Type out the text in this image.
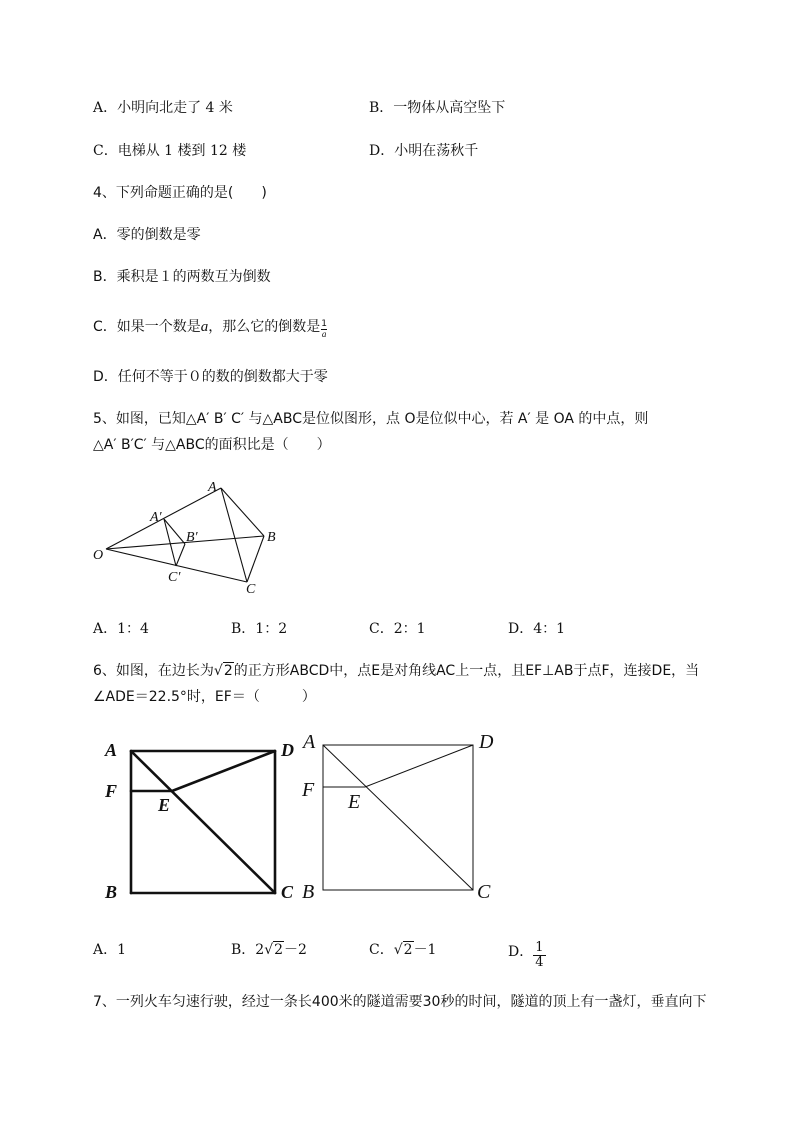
A．小明向北走了 4 米	B．一物体从高空坠下
C．电梯从 1 楼到 12 楼	D．小明在荡秋千
4、下列命题正确的是(　　)
A．零的倒数是零
B．乘积是１的两数互为倒数
C．如果一个数是a，那么它的倒数是 $\frac{1}{a}$
D．任何不等于０的数的倒数都大于零
5、如图，已知△A′ B′ C′ 与△ABC是位似图形，点 O是位似中心，若 A′ 是 OA 的中点，则
△A′ B′C′ 与△ABC的面积比是（　　）
O
A
B
C
A′
B′
C′
A．1：4	B．1：2	C．2：1	D．4：1
6、如图，在边长为√2的正方形ABCD中，点E是对角线AC上一点，且EF⊥AB于点F，连接DE，当
∠ADE＝22.5°时，EF＝（　　　）
A	D
F
E
B	C
A	D
F
E
B	C
A．1	B．2√2－2	C．√2－1	D． $\frac{1}{4}$
7、一列火车匀速行驶，经过一条长400米的隧道需要30秒的时间，隧道的顶上有一盏灯，垂直向下
